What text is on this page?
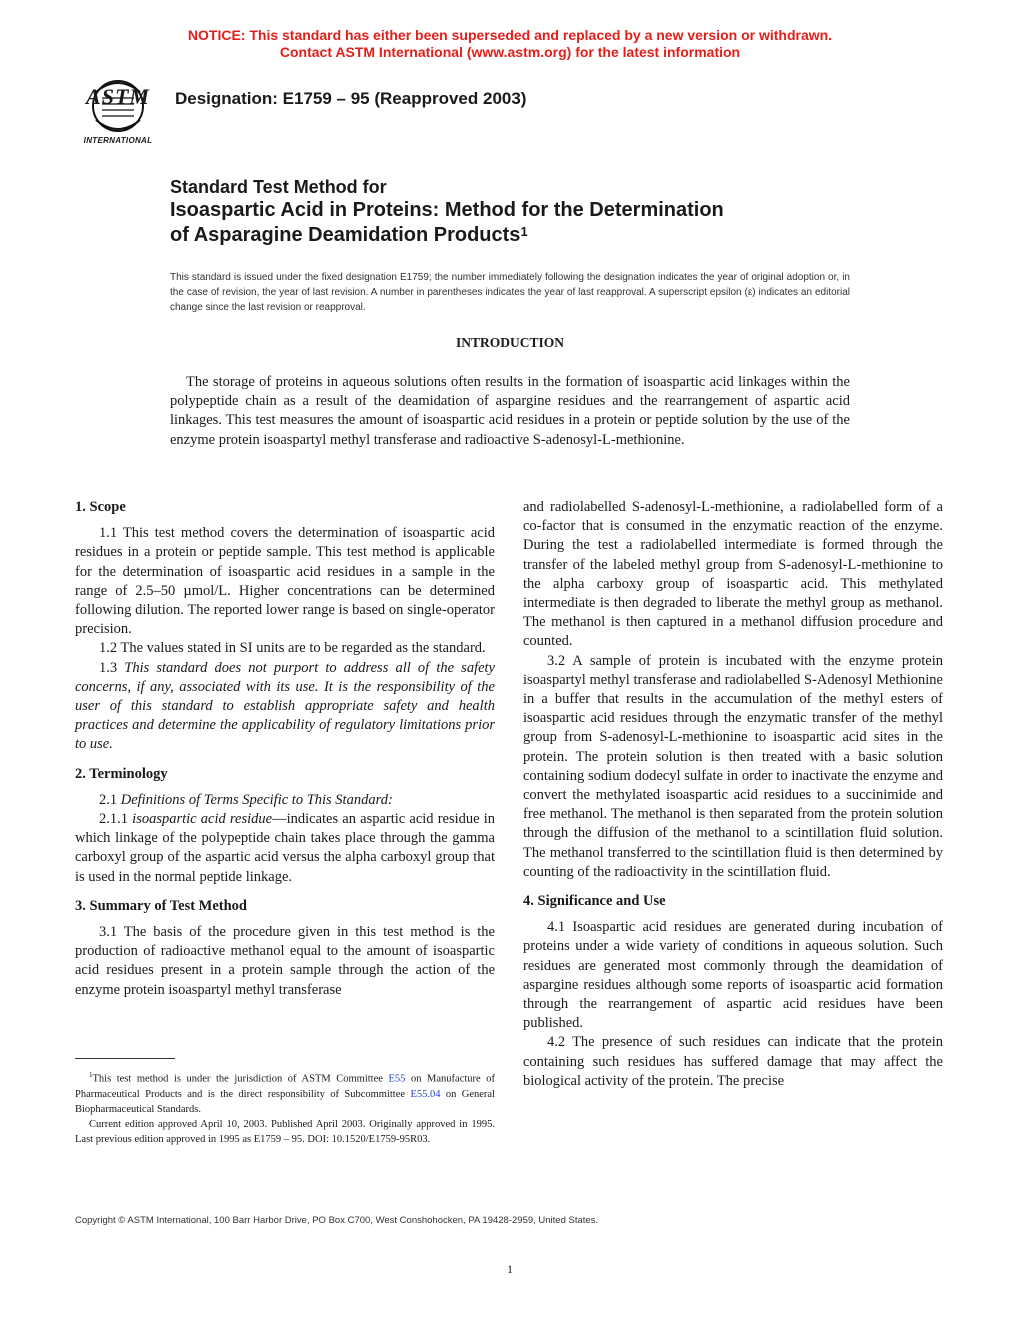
NOTICE: This standard has either been superseded and replaced by a new version or withdrawn.
Contact ASTM International (www.astm.org) for the latest information
ASTM
INTERNATIONAL
Designation: E1759 – 95 (Reapproved 2003)
Standard Test Method for
Isoaspartic Acid in Proteins: Method for the Determination
of Asparagine Deamidation Products$^1$
This standard is issued under the fixed designation E1759; the number immediately following the designation indicates the year of original adoption or, in the case of revision, the year of last revision. A number in parentheses indicates the year of last reapproval. A superscript epsilon (ε) indicates an editorial change since the last revision or reapproval.
INTRODUCTION
The storage of proteins in aqueous solutions often results in the formation of isoaspartic acid linkages within the polypeptide chain as a result of the deamidation of aspargine residues and the rearrangement of aspartic acid linkages. This test measures the amount of isoaspartic acid residues in a protein or peptide solution by the use of the enzyme protein isoaspartyl methyl transferase and radioactive S-adenosyl-L-methionine.
1. Scope

1.1 This test method covers the determination of isoaspartic acid residues in a protein or peptide sample. This test method is applicable for the determination of isoaspartic acid residues in a sample in the range of 2.5–50 µmol/L. Higher concentrations can be determined following dilution. The reported lower range is based on single-operator precision.

1.2 The values stated in SI units are to be regarded as the standard.

1.3 This standard does not purport to address all of the safety concerns, if any, associated with its use. It is the responsibility of the user of this standard to establish appropriate safety and health practices and determine the applicability of regulatory limitations prior to use.

2. Terminology

2.1 Definitions of Terms Specific to This Standard:

2.1.1 isoaspartic acid residue—indicates an aspartic acid residue in which linkage of the polypeptide chain takes place through the gamma carboxyl group of the aspartic acid versus the alpha carboxyl group that is used in the normal peptide linkage.

3. Summary of Test Method

3.1 The basis of the procedure given in this test method is the production of radioactive methanol equal to the amount of isoaspartic acid residues present in a protein sample through the action of the enzyme protein isoaspartyl methyl transferase

and radiolabelled S-adenosyl-L-methionine, a radiolabelled form of a co-factor that is consumed in the enzymatic reaction of the enzyme. During the test a radiolabelled intermediate is formed through the transfer of the labeled methyl group from S-adenosyl-L-methionine to the alpha carboxy group of isoaspartic acid. This methylated intermediate is then degraded to liberate the methyl group as methanol. The methanol is then captured in a methanol diffusion procedure and counted.

3.2 A sample of protein is incubated with the enzyme protein isoaspartyl methyl transferase and radiolabelled S-Adenosyl Methionine in a buffer that results in the accumulation of the methyl esters of isoaspartic acid residues through the enzymatic transfer of the methyl group from S-adenosyl-L-methionine to isoaspartic acid sites in the protein. The protein solution is then treated with a basic solution containing sodium dodecyl sulfate in order to inactivate the enzyme and convert the methylated isoaspartic acid residues to a succinimide and free methanol. The methanol is then separated from the protein solution through the diffusion of the methanol to a scintillation fluid solution. The methanol transferred to the scintillation fluid is then determined by counting of the radioactivity in the scintillation fluid.

4. Significance and Use

4.1 Isoaspartic acid residues are generated during incubation of proteins under a wide variety of conditions in aqueous solution. Such residues are generated most commonly through the deamidation of aspargine residues although some reports of isoaspartic acid formation through the rearrangement of aspartic acid residues have been published.

4.2 The presence of such residues can indicate that the protein containing such residues has suffered damage that may affect the biological activity of the protein. The precise

$^1$This test method is under the jurisdiction of ASTM Committee E55 on Manufacture of Pharmaceutical Products and is the direct responsibility of Subcommittee E55.04 on General Biopharmaceutical Standards.

Current edition approved April 10, 2003. Published April 2003. Originally approved in 1995. Last previous edition approved in 1995 as E1759 – 95. DOI: 10.1520/E1759-95R03.

Copyright © ASTM International, 100 Barr Harbor Drive, PO Box C700, West Conshohocken, PA 19428-2959, United States.
1
